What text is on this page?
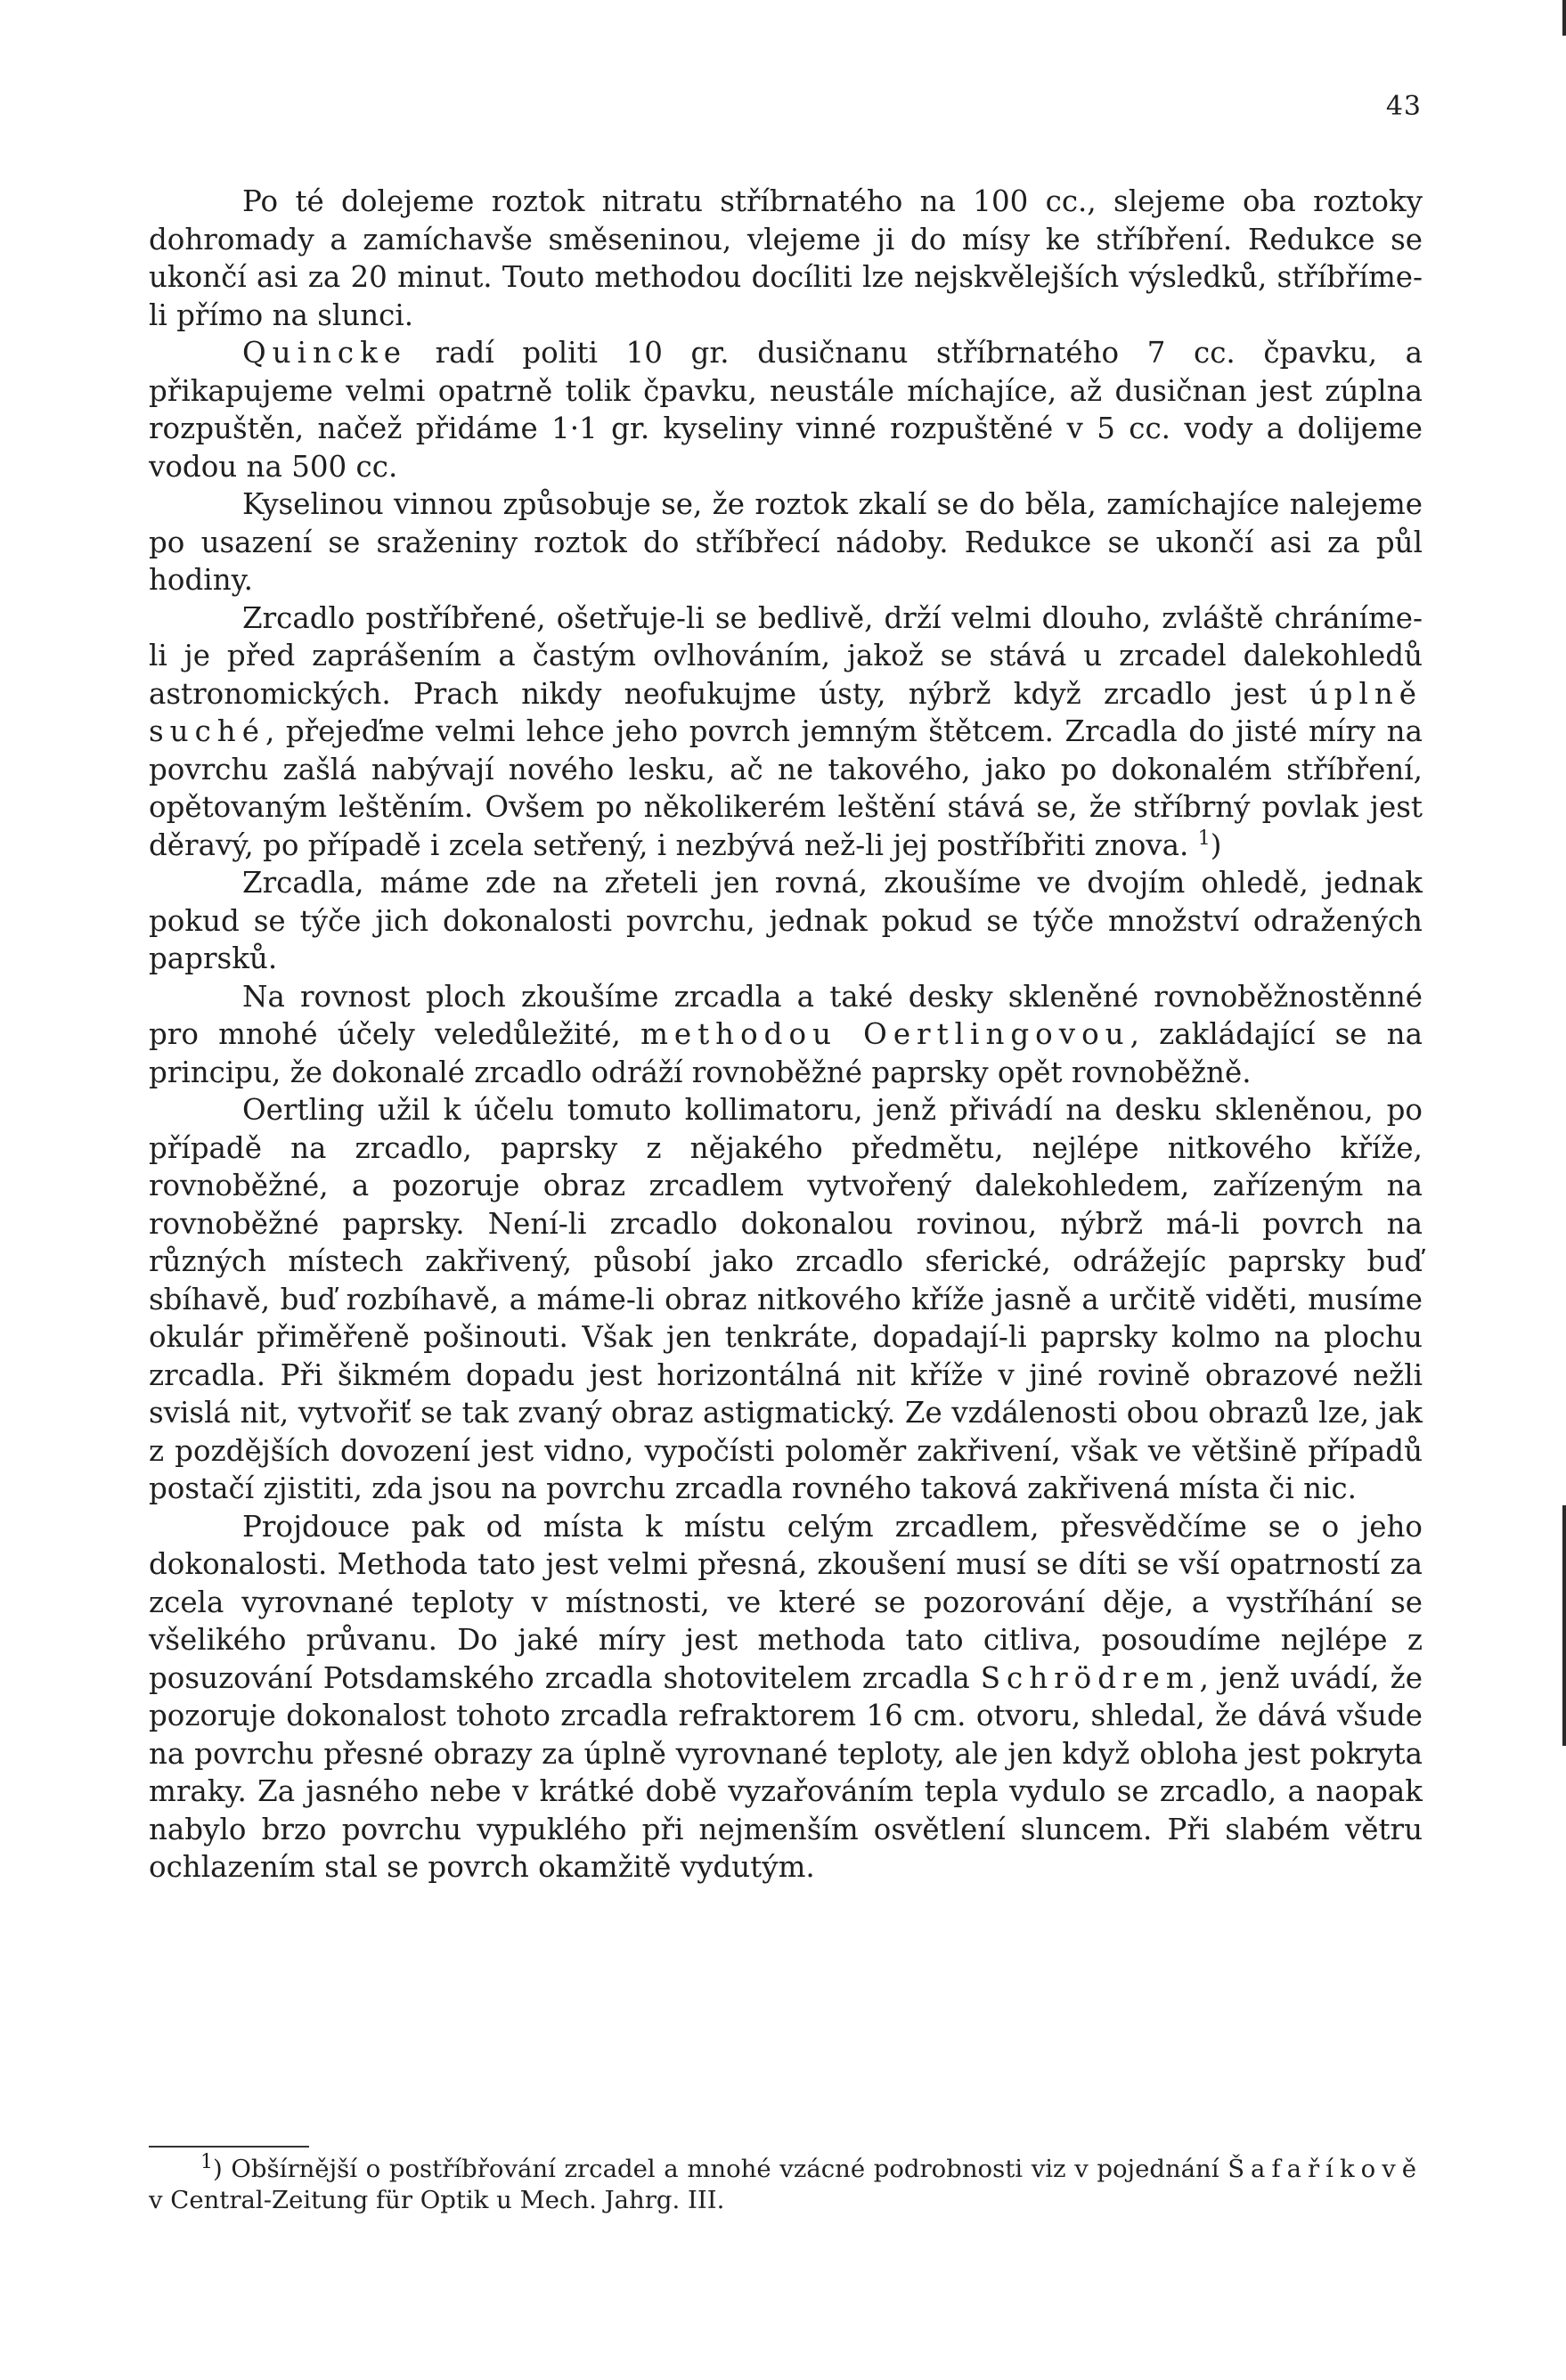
43

Po té dolejeme roztok nitratu stříbrnatého na 100 cc., slejeme oba roztoky dohromady a zamíchavše směseninou, vlejeme ji do mísy ke stříbření. Redukce se ukončí asi za 20 minut. Touto methodou docíliti lze nejskvělejších výsledků, stříbříme-li přímo na slunci.

Quincke radí politi 10 gr. dusičnanu stříbrnatého 7 cc. čpavku, a přikapujeme velmi opatrně tolik čpavku, neustále míchajíce, až dusičnan jest zúplna rozpuštěn, načež přidáme 1·1 gr. kyseliny vinné rozpuštěné v 5 cc. vody a dolijeme vodou na 500 cc.

Kyselinou vinnou způsobuje se, že roztok zkalí se do běla, zamíchajíce nalejeme po usazení se sraženiny roztok do stříbřecí nádoby. Redukce se ukončí asi za půl hodiny.

Zrcadlo postříbřené, ošetřuje-li se bedlivě, drží velmi dlouho, zvláště chráníme-li je před zaprášením a častým ovlhováním, jakož se stává u zrcadel dalekohledů astronomických. Prach nikdy neofukujme ústy, nýbrž když zrcadlo jest úplně suché, přejeďme velmi lehce jeho povrch jemným štětcem. Zrcadla do jisté míry na povrchu zašlá nabývají nového lesku, ač ne takového, jako po dokonalém stříbření, opětovaným leštěním. Ovšem po několikerém leštění stává se, že stříbrný povlak jest děravý, po případě i zcela setřený, i nezbývá než-li jej postříbřiti znova. $^1$)

Zrcadla, máme zde na zřeteli jen rovná, zkoušíme ve dvojím ohledě, jednak pokud se týče jich dokonalosti povrchu, jednak pokud se týče množství odražených paprsků.

Na rovnost ploch zkoušíme zrcadla a také desky skleněné rovnoběžnostěnné pro mnohé účely veledůležité, methodou Oertlingovou, zakládající se na principu, že dokonalé zrcadlo odráží rovnoběžné paprsky opět rovnoběžně.

Oertling užil k účelu tomuto kollimatoru, jenž přivádí na desku skleněnou, po případě na zrcadlo, paprsky z nějakého předmětu, nejlépe nitkového kříže, rovnoběžné, a pozoruje obraz zrcadlem vytvořený dalekohledem, zařízeným na rovnoběžné paprsky. Není-li zrcadlo dokonalou rovinou, nýbrž má-li povrch na různých místech zakřivený, působí jako zrcadlo sferické, odrážejíc paprsky buď sbíhavě, buď rozbíhavě, a máme-li obraz nitkového kříže jasně a určitě viděti, musíme okulár přiměřeně pošinouti. Však jen tenkráte, dopadají-li paprsky kolmo na plochu zrcadla. Při šikmém dopadu jest horizontálná nit kříže v jiné rovině obrazové nežli svislá nit, vytvořiť se tak zvaný obraz astigmatický. Ze vzdálenosti obou obrazů lze, jak z pozdějších dovození jest vidno, vypočísti poloměr zakřivení, však ve většině případů postačí zjistiti, zda jsou na povrchu zrcadla rovného taková zakřivená místa či nic.

Projdouce pak od místa k místu celým zrcadlem, přesvědčíme se o jeho dokonalosti. Methoda tato jest velmi přesná, zkoušení musí se díti se vší opatrností za zcela vyrovnané teploty v místnosti, ve které se pozorování děje, a vystříhání se všelikého průvanu. Do jaké míry jest methoda tato citliva, posoudíme nejlépe z posuzování Potsdamského zrcadla shotovitelem zrcadla Schrödrem, jenž uvádí, že pozoruje dokonalost tohoto zrcadla refraktorem 16 cm. otvoru, shledal, že dává všude na povrchu přesné obrazy za úplně vyrovnané teploty, ale jen když obloha jest pokryta mraky. Za jasného nebe v krátké době vyzařováním tepla vydulo se zrcadlo, a naopak nabylo brzo povrchu vypuklého při nejmenším osvětlení sluncem. Při slabém větru ochlazením stal se povrch okamžitě vydutým.

$^1$) Obšírnější o postříbřování zrcadel a mnohé vzácné podrobnosti viz v pojednání Šafaříkově v Central-Zeitung für Optik u Mech. Jahrg. III.
